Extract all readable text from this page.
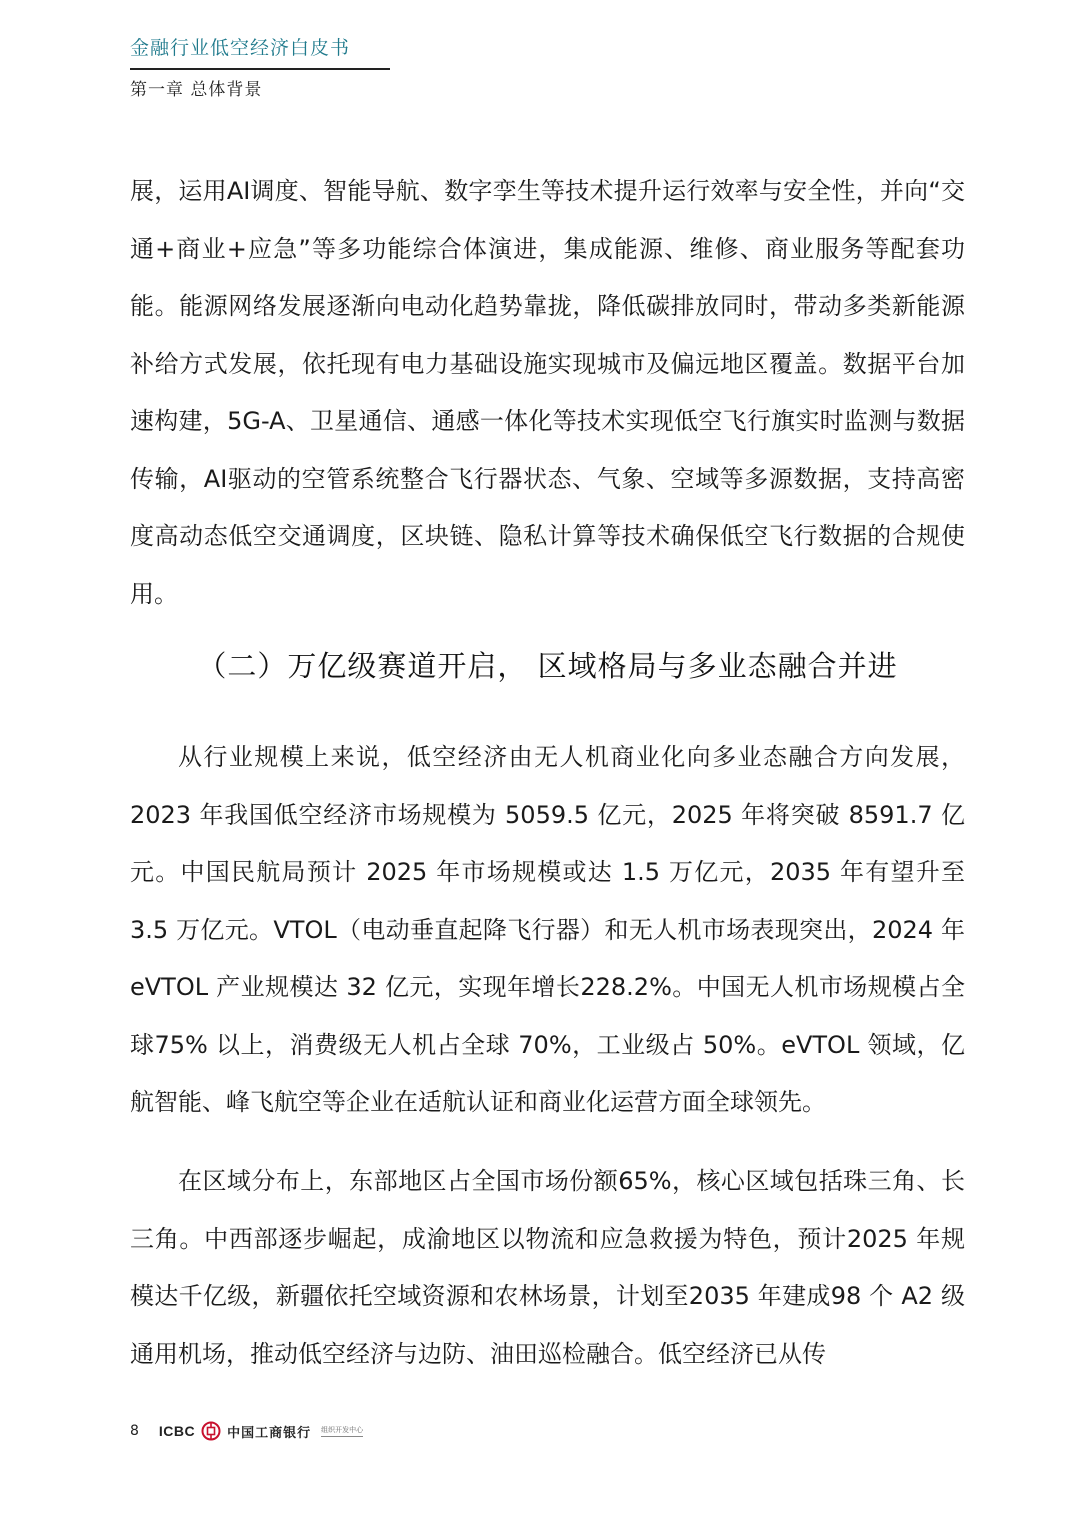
金融行业低空经济白皮书
第一章 总体背景

展，运用AI调度、智能导航、数字孪生等技术提升运行效率与安全性，并向“交通+商业+应急”等多功能综合体演进，集成能源、维修、商业服务等配套功能。能源网络发展逐渐向电动化趋势靠拢，降低碳排放同时，带动多类新能源补给方式发展，依托现有电力基础设施实现城市及偏远地区覆盖。数据平台加速构建，5G-A、卫星通信、通感一体化等技术实现低空飞行旗实时监测与数据传输，AI驱动的空管系统整合飞行器状态、气象、空域等多源数据，支持高密度高动态低空交通调度，区块链、隐私计算等技术确保低空飞行数据的合规使用。

（二）万亿级赛道开启， 区域格局与多业态融合并进

从行业规模上来说，低空经济由无人机商业化向多业态融合方向发展，2023 年我国低空经济市场规模为 5059.5 亿元，2025 年将突破 8591.7 亿元。中国民航局预计 2025 年市场规模或达 1.5 万亿元，2035 年有望升至3.5 万亿元。VTOL（电动垂直起降飞行器）和无人机市场表现突出，2024 年 eVTOL 产业规模达 32 亿元，实现年增长228.2%。中国无人机市场规模占全球75% 以上，消费级无人机占全球 70%，工业级占 50%。eVTOL 领域，亿航智能、峰飞航空等企业在适航认证和商业化运营方面全球领先。

在区域分布上，东部地区占全国市场份额65%，核心区域包括珠三角、长三角。中西部逐步崛起，成渝地区以物流和应急救援为特色，预计2025 年规模达千亿级，新疆依托空域资源和农林场景，计划至2035 年建成98 个 A2 级通用机场，推动低空经济与边防、油田巡检融合。低空经济已从传

8 ICBC 中国工商银行 组织开发中心
